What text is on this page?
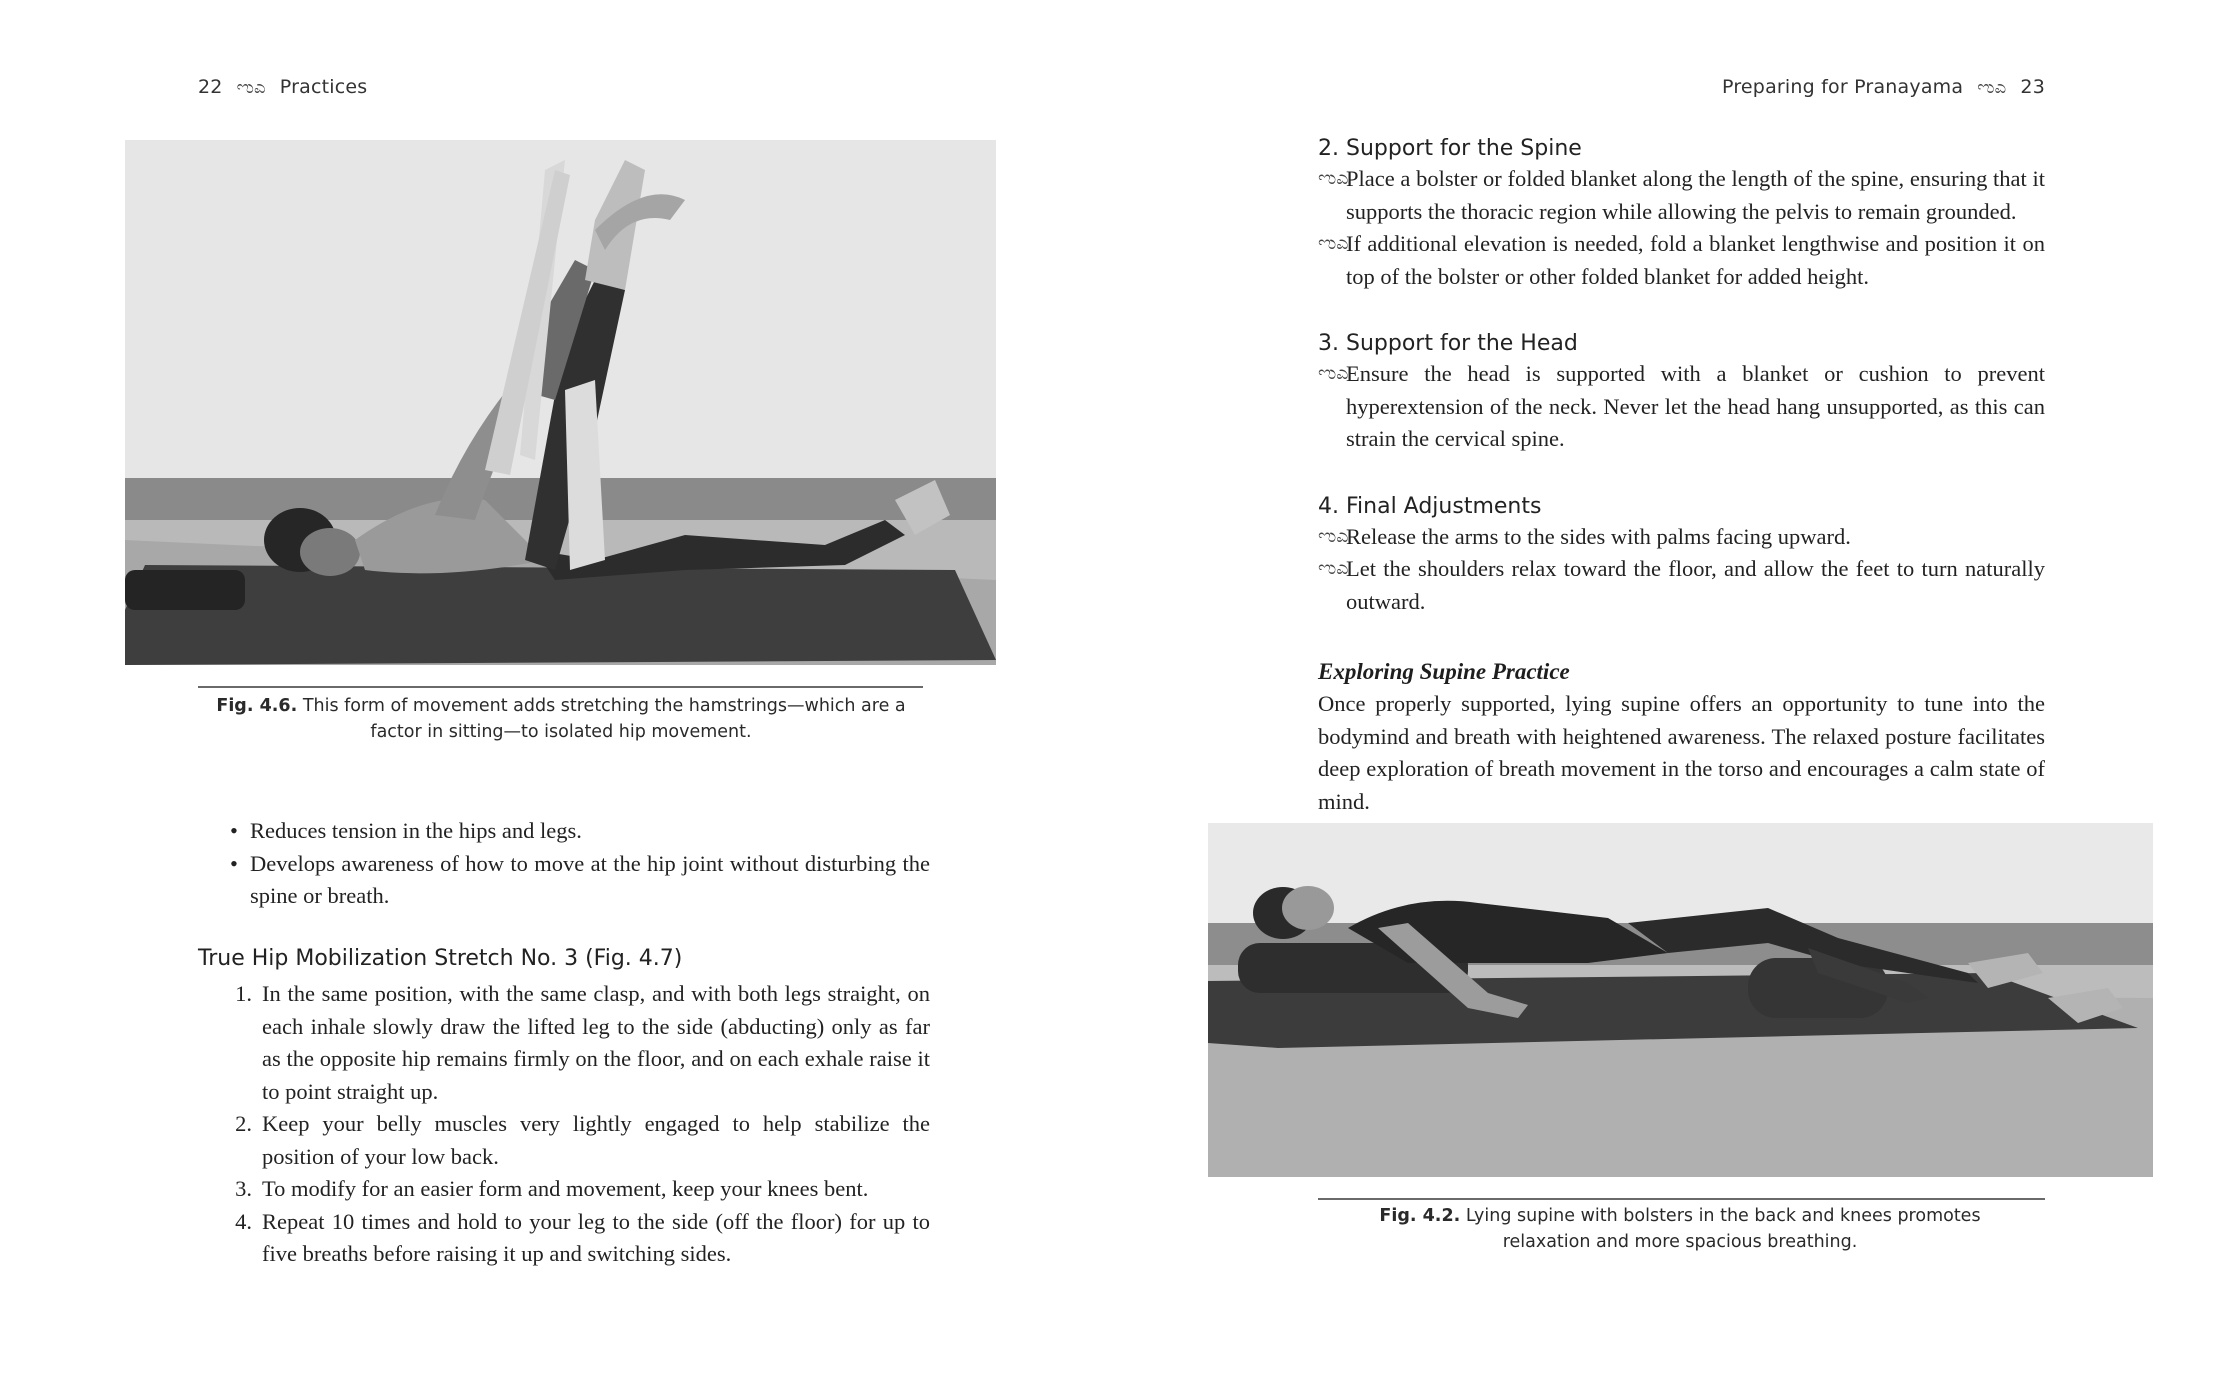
22 ಌಎ Practices
Fig. 4.6. This form of movement adds stretching the hamstrings—which are a factor in sitting—to isolated hip movement.
• Reduces tension in the hips and legs.
• Develops awareness of how to move at the hip joint without disturbing the spine or breath.
True Hip Mobilization Stretch No. 3 (Fig. 4.7)
1. In the same position, with the same clasp, and with both legs straight, on each inhale slowly draw the lifted leg to the side (abducting) only as far as the opposite hip remains firmly on the floor, and on each exhale raise it to point straight up.
2. Keep your belly muscles very lightly engaged to help stabilize the position of your low back.
3. To modify for an easier form and movement, keep your knees bent.
4. Repeat 10 times and hold to your leg to the side (off the floor) for up to five breaths before raising it up and switching sides.
Preparing for Pranayama ಌಎ 23
2. Support for the Spine
ಌಎ
Place a bolster or folded blanket along the length of the spine, ensuring that it supports the thoracic region while allowing the pelvis to remain grounded.
ಌಎ
If additional elevation is needed, fold a blanket lengthwise and position it on top of the bolster or other folded blanket for added height.
3. Support for the Head
ಌಎ
Ensure the head is supported with a blanket or cushion to prevent hyperextension of the neck. Never let the head hang unsupported, as this can strain the cervical spine.
4. Final Adjustments
ಌಎ
Release the arms to the sides with palms facing upward.
ಌಎ
Let the shoulders relax toward the floor, and allow the feet to turn naturally outward.
Exploring Supine Practice
Once properly supported, lying supine offers an opportunity to tune into the bodymind and breath with heightened awareness. The relaxed posture facilitates deep exploration of breath movement in the torso and encourages a calm state of mind.
Fig. 4.2. Lying supine with bolsters in the back and knees promotes relaxation and more spacious breathing.
